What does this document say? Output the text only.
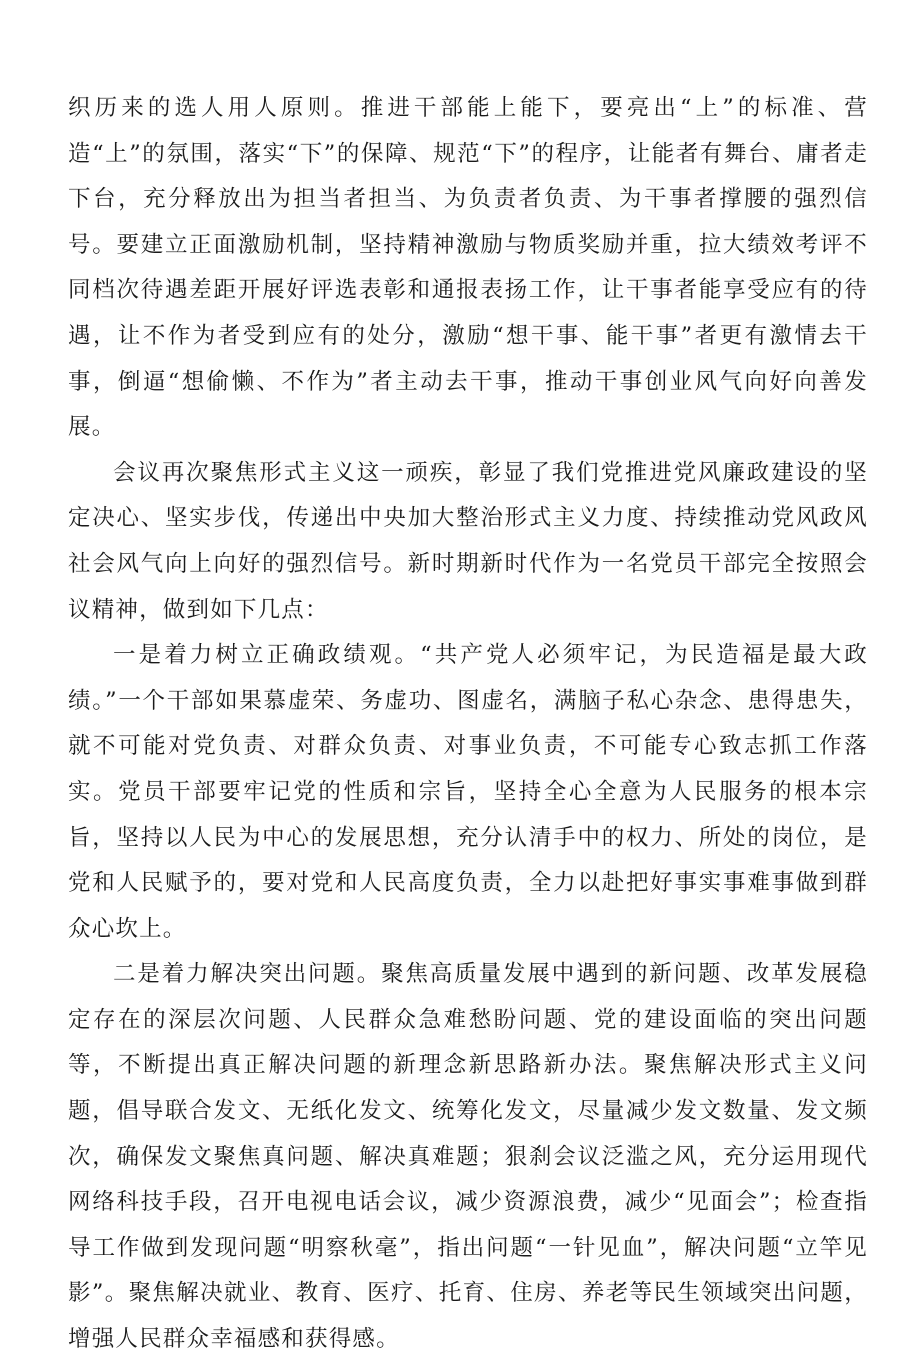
织历来的选人用人原则。推进干部能上能下，要亮出“上”的标准、营造“上”的氛围，落实“下”的保障、规范“下”的程序，让能者有舞台、庸者走下台，充分释放出为担当者担当、为负责者负责、为干事者撑腰的强烈信号。要建立正面激励机制，坚持精神激励与物质奖励并重，拉大绩效考评不同档次待遇差距开展好评选表彰和通报表扬工作，让干事者能享受应有的待遇，让不作为者受到应有的处分，激励“想干事、能干事”者更有激情去干事，倒逼“想偷懒、不作为”者主动去干事，推动干事创业风气向好向善发展。

会议再次聚焦形式主义这一顽疾，彰显了我们党推进党风廉政建设的坚定决心、坚实步伐，传递出中央加大整治形式主义力度、持续推动党风政风社会风气向上向好的强烈信号。新时期新时代作为一名党员干部完全按照会议精神，做到如下几点：

一是着力树立正确政绩观。“共产党人必须牢记，为民造福是最大政绩。”一个干部如果慕虚荣、务虚功、图虚名，满脑子私心杂念、患得患失，就不可能对党负责、对群众负责、对事业负责，不可能专心致志抓工作落实。党员干部要牢记党的性质和宗旨，坚持全心全意为人民服务的根本宗旨，坚持以人民为中心的发展思想，充分认清手中的权力、所处的岗位，是党和人民赋予的，要对党和人民高度负责，全力以赴把好事实事难事做到群众心坎上。

二是着力解决突出问题。聚焦高质量发展中遇到的新问题、改革发展稳定存在的深层次问题、人民群众急难愁盼问题、党的建设面临的突出问题等，不断提出真正解决问题的新理念新思路新办法。聚焦解决形式主义问题，倡导联合发文、无纸化发文、统筹化发文，尽量减少发文数量、发文频次，确保发文聚焦真问题、解决真难题；狠刹会议泛滥之风，充分运用现代网络科技手段，召开电视电话会议，减少资源浪费，减少“见面会”；检查指导工作做到发现问题“明察秋毫”，指出问题“一针见血”，解决问题“立竿见影”。聚焦解决就业、教育、医疗、托育、住房、养老等民生领域突出问题，增强人民群众幸福感和获得感。
